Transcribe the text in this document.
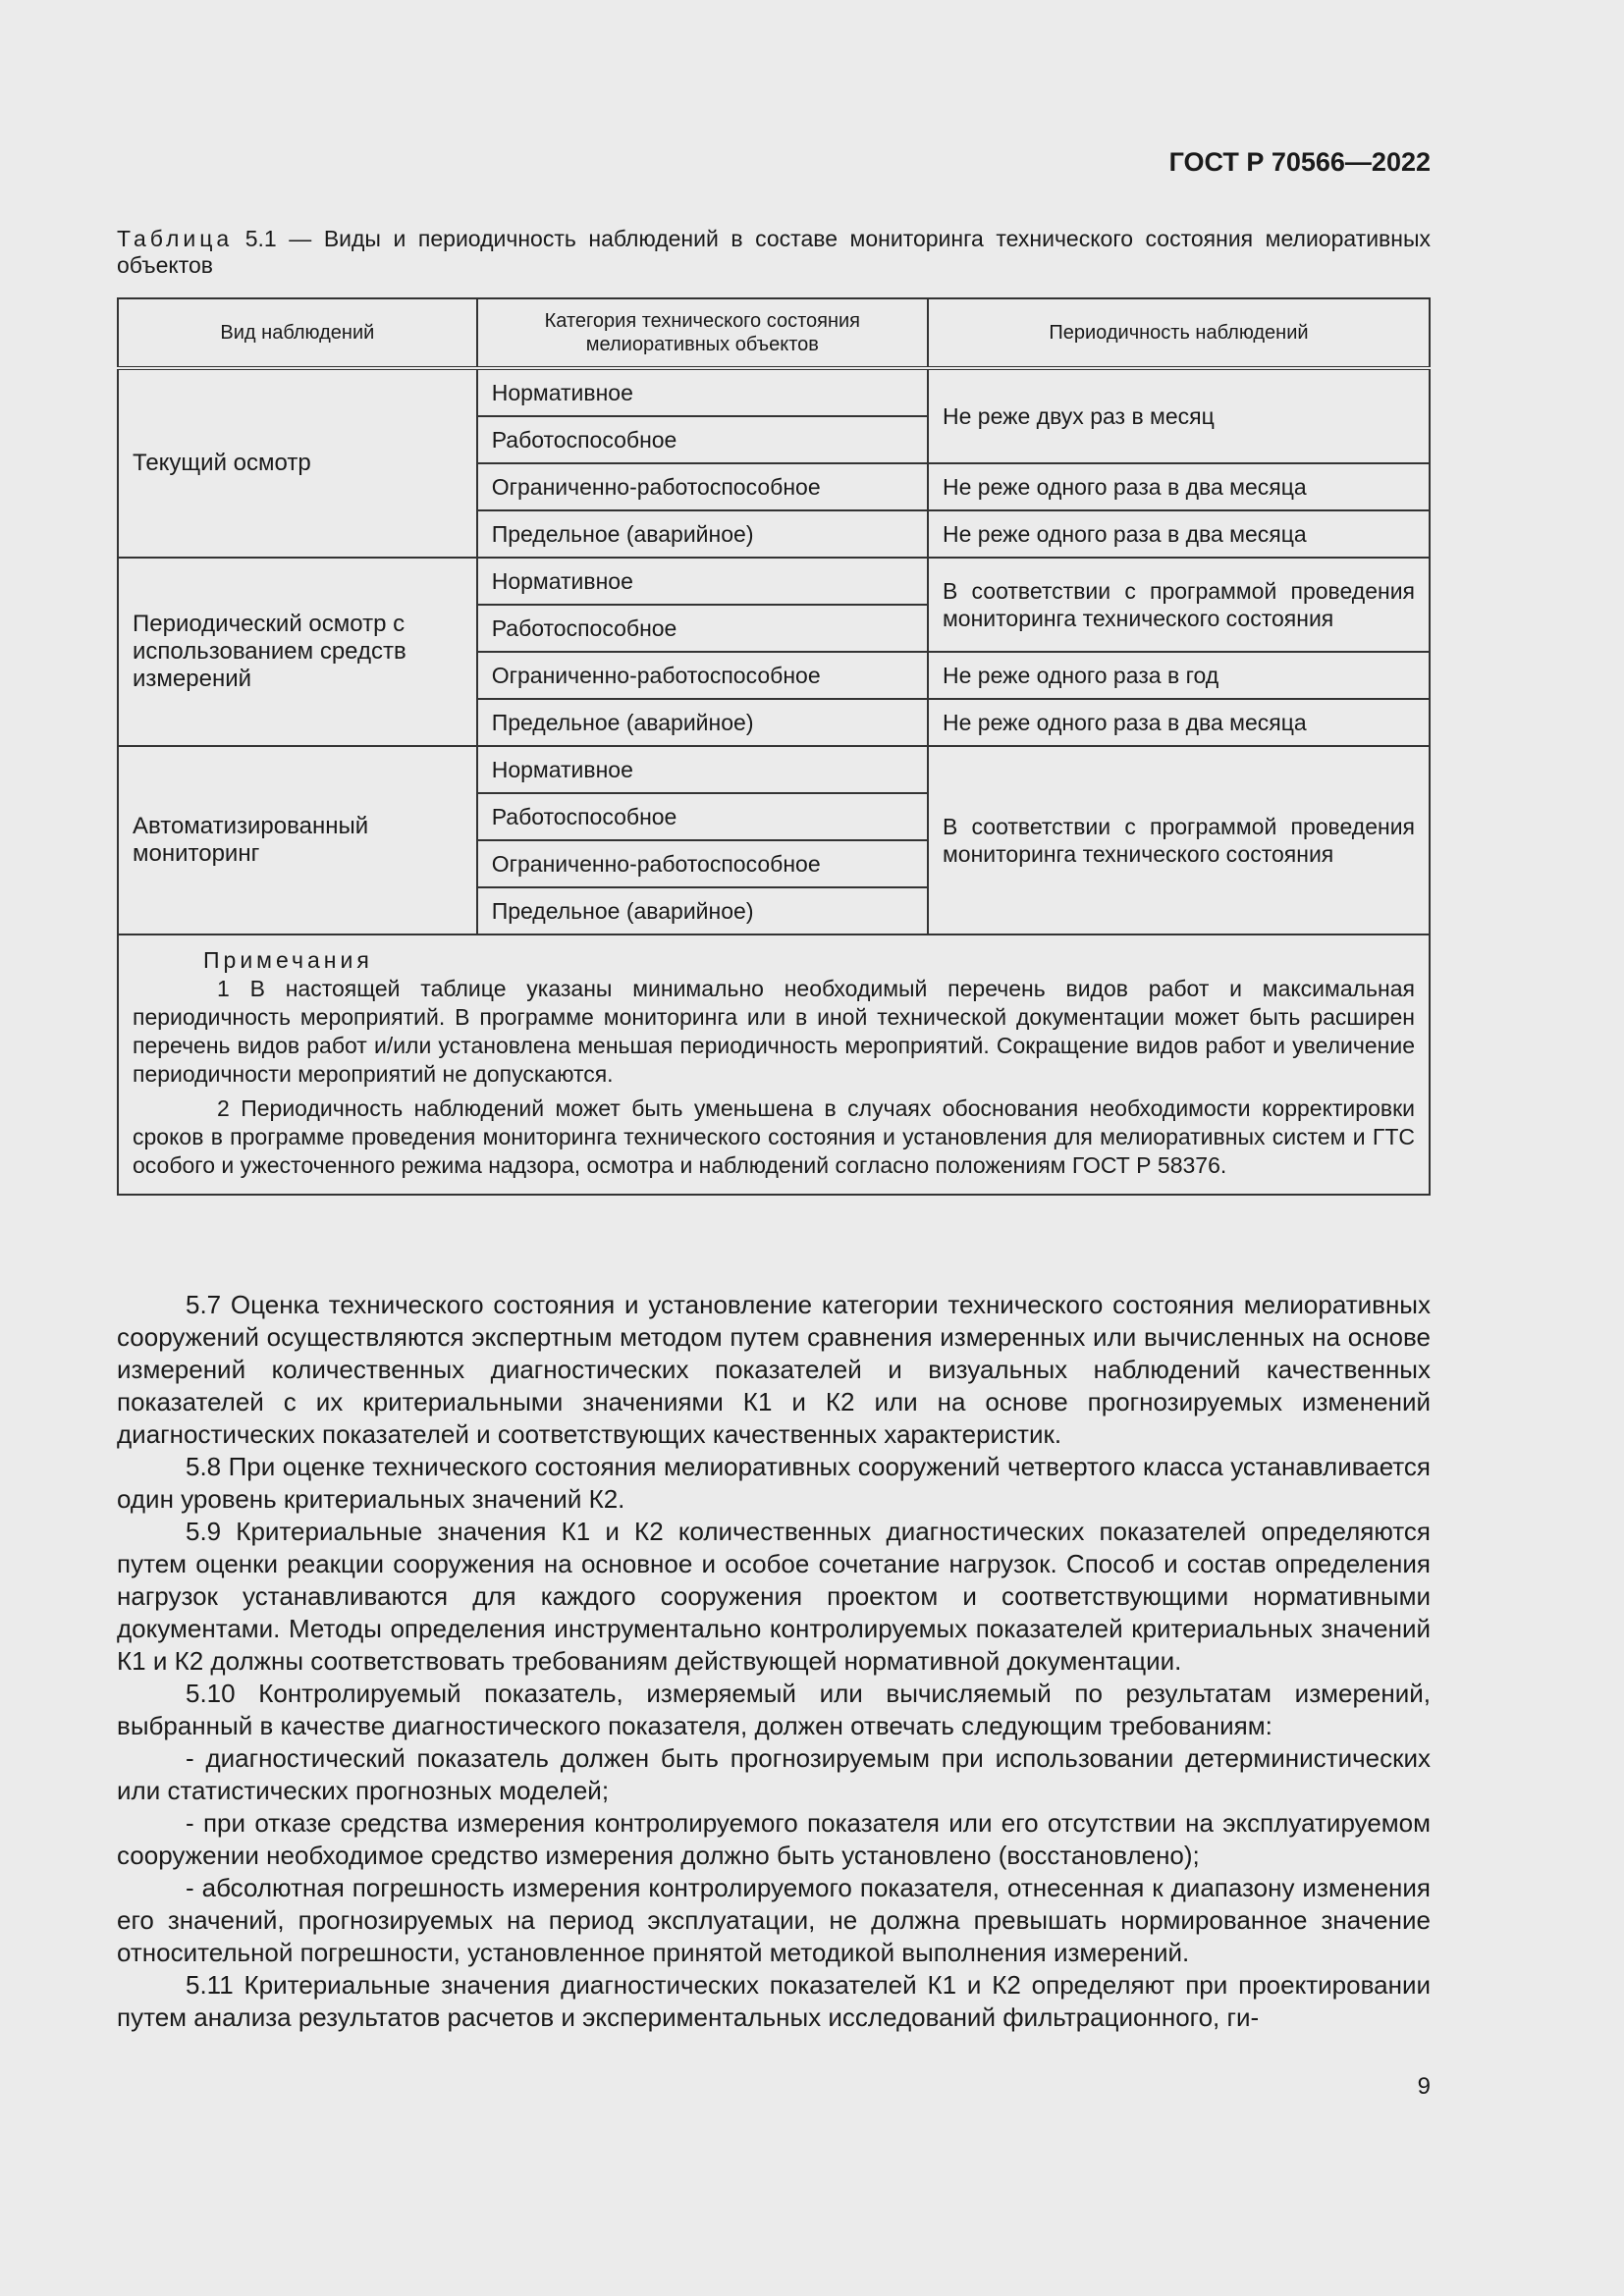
ГОСТ Р 70566—2022
Таблица 5.1 — Виды и периодичность наблюдений в составе мониторинга технического состояния мелиоративных объектов
Вид наблюдений	Категория технического состояния мелиоративных объектов	Периодичность наблюдений
Текущий осмотр	Нормативное	Не реже двух раз в месяц
	Работоспособное	
	Ограниченно-работоспособное	Не реже одного раза в два месяца
	Предельное (аварийное)	Не реже одного раза в два месяца
Периодический осмотр с использованием средств измерений	Нормативное	В соответствии с программой проведения мониторинга технического состояния
	Работоспособное	
	Ограниченно-работоспособное	Не реже одного раза в год
	Предельное (аварийное)	Не реже одного раза в два месяца
Автоматизированный мониторинг	Нормативное	В соответствии с программой проведения мониторинга технического состояния
	Работоспособное	
	Ограниченно-работоспособное	
	Предельное (аварийное)	

Примечания

1 В настоящей таблице указаны минимально необходимый перечень видов работ и максимальная периодичность мероприятий. В программе мониторинга или в иной технической документации может быть расширен перечень видов работ и/или установлена меньшая периодичность мероприятий. Сокращение видов работ и увеличение периодичности мероприятий не допускаются.

2 Периодичность наблюдений может быть уменьшена в случаях обоснования необходимости корректировки сроков в программе проведения мониторинга технического состояния и установления для мелиоративных систем и ГТС особого и ужесточенного режима надзора, осмотра и наблюдений согласно положениям ГОСТ Р 58376.		

5.7 Оценка технического состояния и установление категории технического состояния мелиоративных сооружений осуществляются экспертным методом путем сравнения измеренных или вычисленных на основе измерений количественных диагностических показателей и визуальных наблюдений качественных показателей с их критериальными значениями К1 и К2 или на основе прогнозируемых изменений диагностических показателей и соответствующих качественных характеристик.

5.8 При оценке технического состояния мелиоративных сооружений четвертого класса устанавливается один уровень критериальных значений К2.

5.9 Критериальные значения К1 и К2 количественных диагностических показателей определяются путем оценки реакции сооружения на основное и особое сочетание нагрузок. Способ и состав определения нагрузок устанавливаются для каждого сооружения проектом и соответствующими нормативными документами. Методы определения инструментально контролируемых показателей критериальных значений К1 и К2 должны соответствовать требованиям действующей нормативной документации.

5.10 Контролируемый показатель, измеряемый или вычисляемый по результатам измерений, выбранный в качестве диагностического показателя, должен отвечать следующим требованиям:

- диагностический показатель должен быть прогнозируемым при использовании детерминистических или статистических прогнозных моделей;

- при отказе средства измерения контролируемого показателя или его отсутствии на эксплуатируемом сооружении необходимое средство измерения должно быть установлено (восстановлено);

- абсолютная погрешность измерения контролируемого показателя, отнесенная к диапазону изменения его значений, прогнозируемых на период эксплуатации, не должна превышать нормированное значение относительной погрешности, установленное принятой методикой выполнения измерений.

5.11 Критериальные значения диагностических показателей К1 и К2 определяют при проектировании путем анализа результатов расчетов и экспериментальных исследований фильтрационного, ги-

9
